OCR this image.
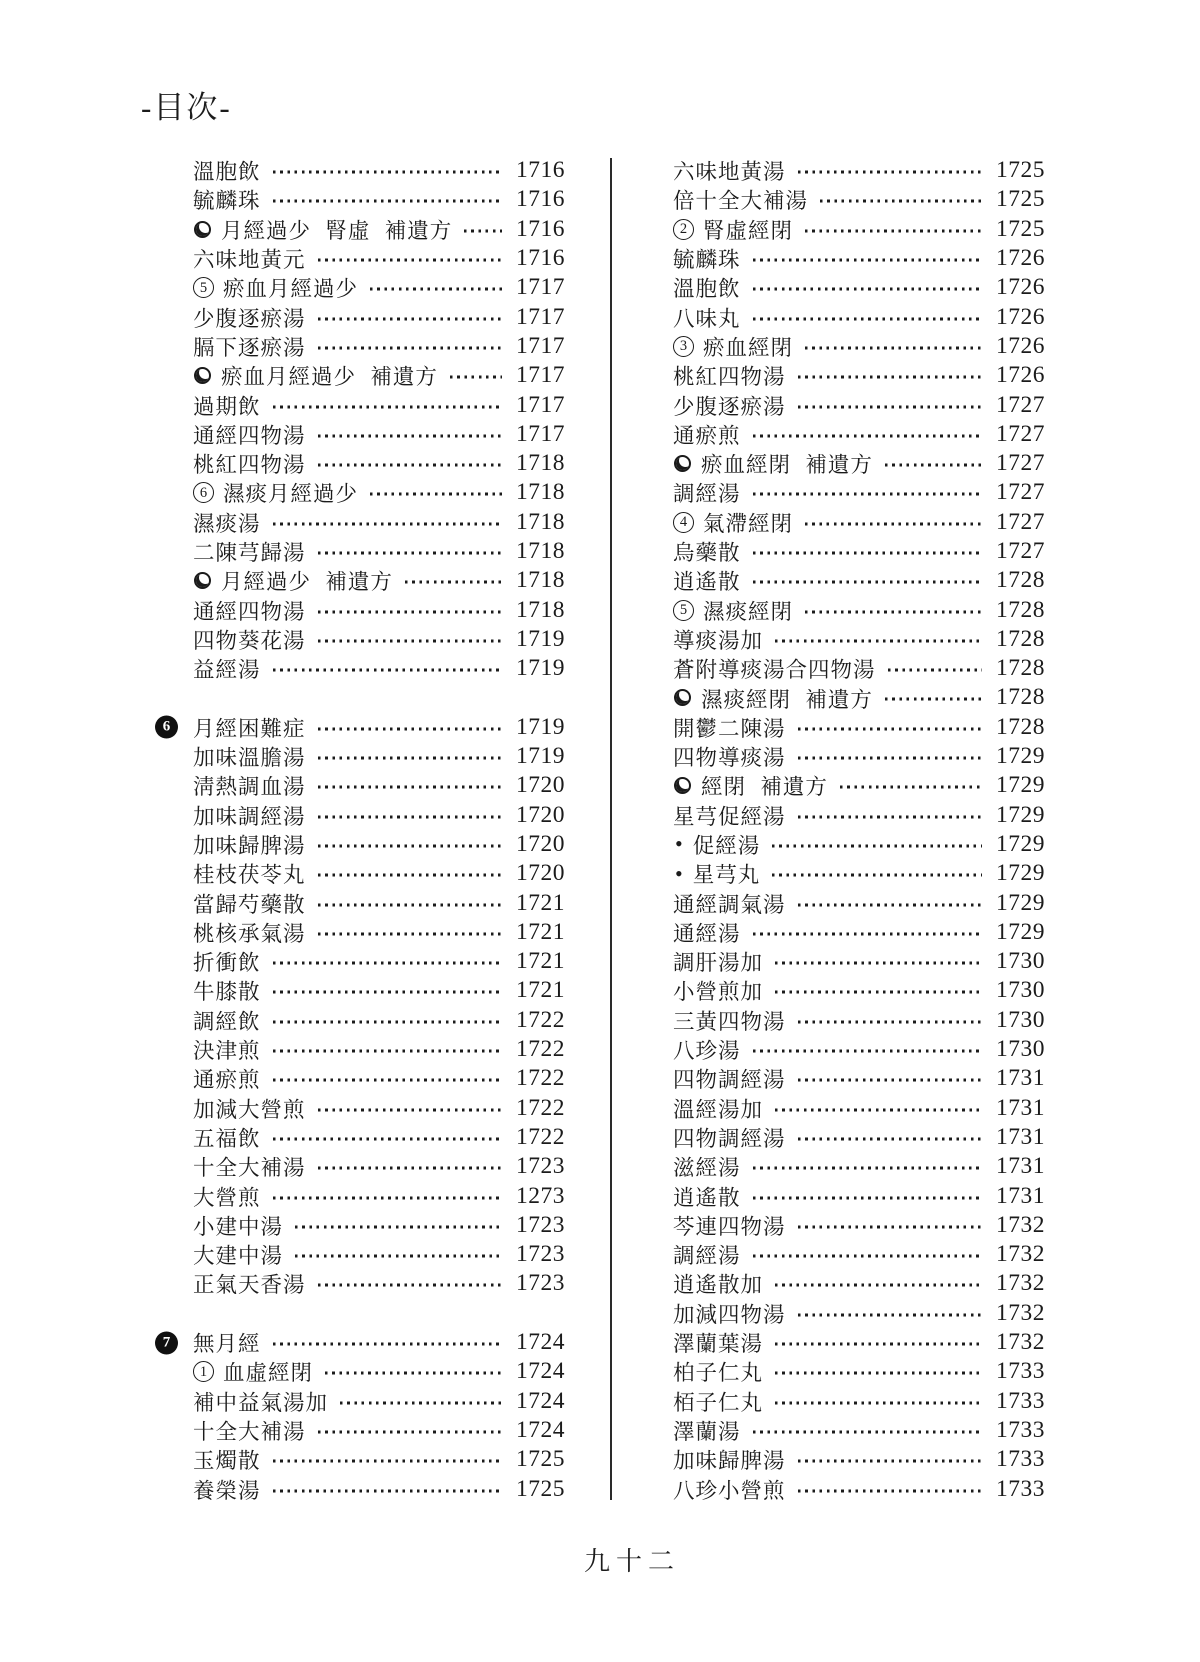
-目次-
溫胞飲	1716
毓麟珠	1716
月經過少 腎虛 補遺方	1716
六味地黃元	1716
5 瘀血月經過少	1717
少腹逐瘀湯	1717
膈下逐瘀湯	1717
瘀血月經過少 補遺方	1717
過期飲	1717
通經四物湯	1717
桃紅四物湯	1718
6 濕痰月經過少	1718
濕痰湯	1718
二陳芎歸湯	1718
月經過少 補遺方	1718
通經四物湯	1718
四物葵花湯	1719
益經湯	1719
6	月經困難症	1719
加味溫膽湯	1719
淸熱調血湯	1720
加味調經湯	1720
加味歸脾湯	1720
桂枝茯苓丸	1720
當歸芍藥散	1721
桃核承氣湯	1721
折衝飲	1721
牛膝散	1721
調經飲	1722
決津煎	1722
通瘀煎	1722
加減大營煎	1722
五福飲	1722
十全大補湯	1723
大營煎	1273
小建中湯	1723
大建中湯	1723
正氣天香湯	1723
7	無月經	1724
1 血虛經閉	1724
補中益氣湯加	1724
十全大補湯	1724
玉燭散	1725
養榮湯	1725
六味地黃湯	1725
倍十全大補湯	1725
2 腎虛經閉	1725
毓麟珠	1726
溫胞飲	1726
八味丸	1726
3 瘀血經閉	1726
桃紅四物湯	1726
少腹逐瘀湯	1727
通瘀煎	1727
瘀血經閉 補遺方	1727
調經湯	1727
4 氣滯經閉	1727
烏藥散	1727
逍遙散	1728
5 濕痰經閉	1728
導痰湯加	1728
蒼附導痰湯合四物湯	1728
濕痰經閉 補遺方	1728
開鬱二陳湯	1728
四物導痰湯	1729
經閉 補遺方	1729
星芎促經湯	1729
• 促經湯	1729
• 星芎丸	1729
通經調氣湯	1729
通經湯	1729
調肝湯加	1730
小營煎加	1730
三黃四物湯	1730
八珍湯	1730
四物調經湯	1731
溫經湯加	1731
四物調經湯	1731
滋經湯	1731
逍遙散	1731
芩連四物湯	1732
調經湯	1732
逍遙散加	1732
加減四物湯	1732
澤蘭葉湯	1732
柏子仁丸	1733
栢子仁丸	1733
澤蘭湯	1733
加味歸脾湯	1733
八珍小營煎	1733
九十二
